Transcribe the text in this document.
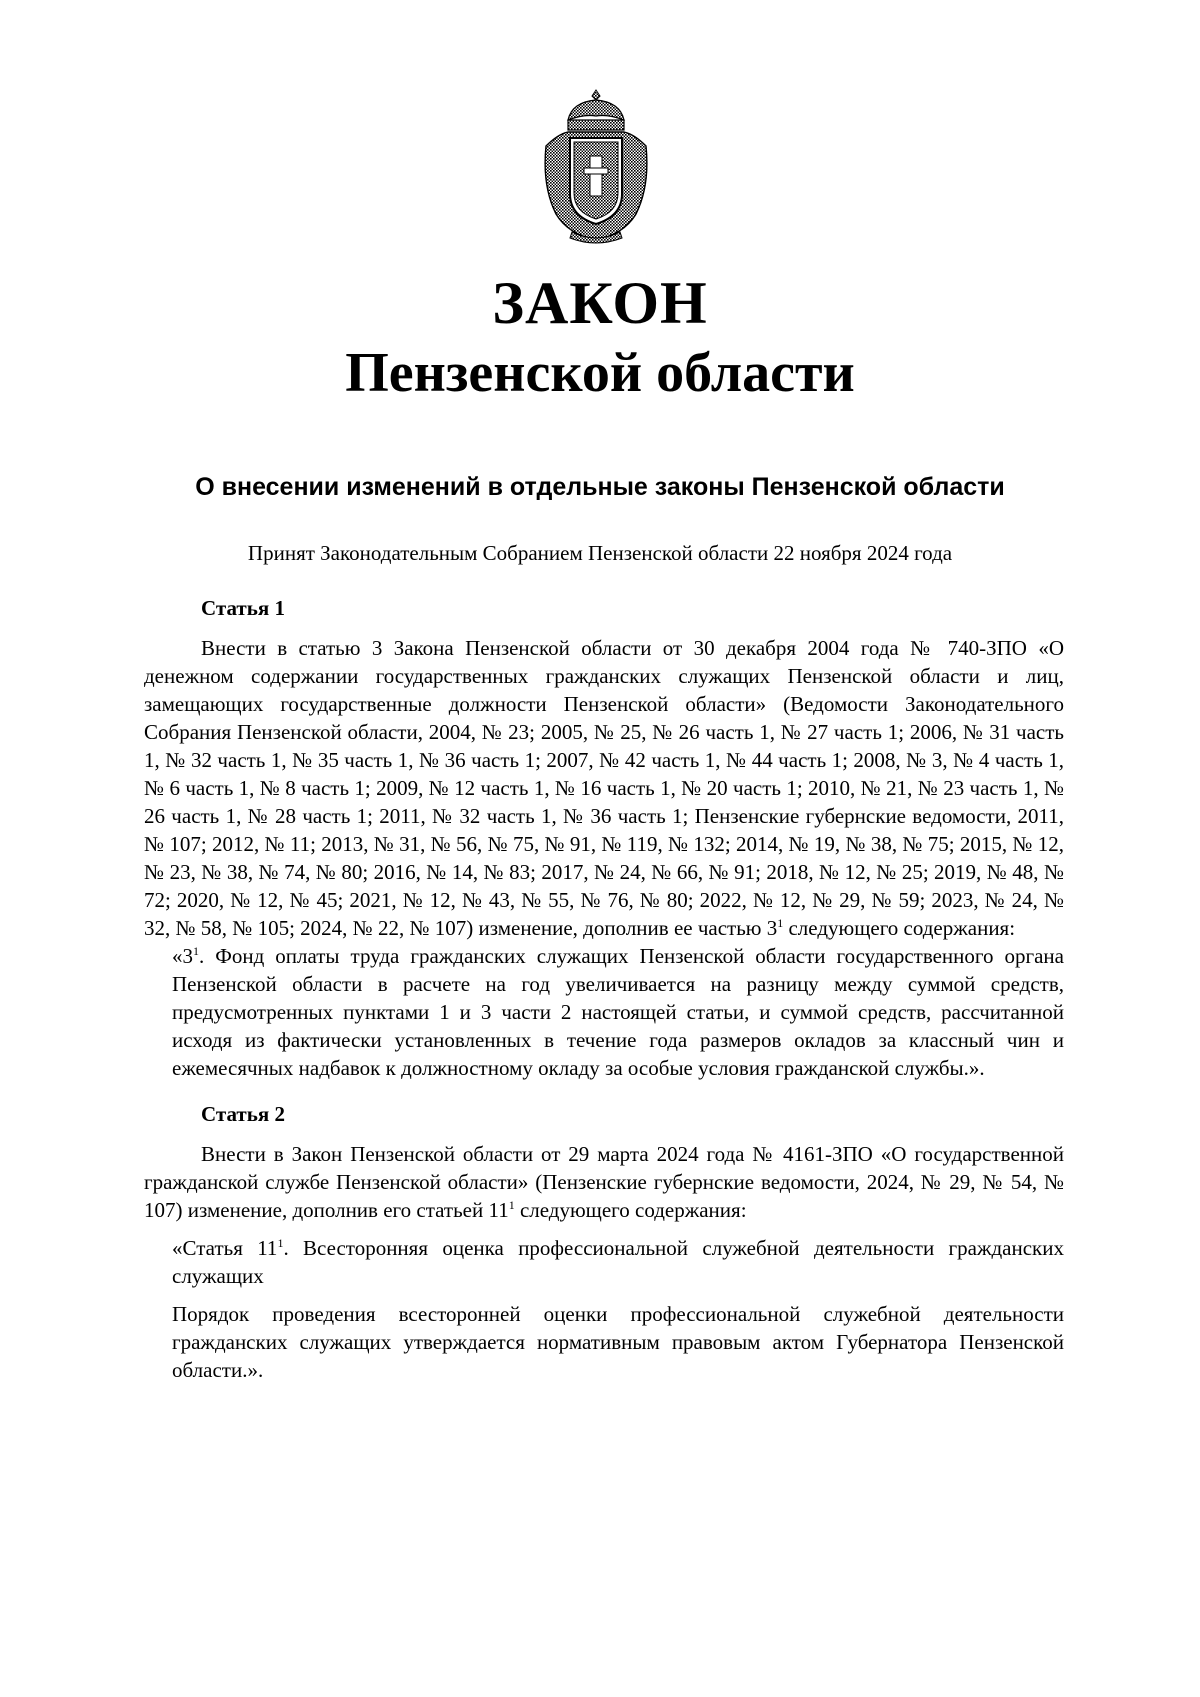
ЗАКОН
Пензенской области
О внесении изменений в отдельные законы Пензенской области
Принят Законодательным Собранием Пензенской области 22 ноября 2024 года
Статья 1

Внести в статью 3 Закона Пензенской области от 30 декабря 2004 года № 740-ЗПО «О денежном содержании государственных гражданских служащих Пензенской области и лиц, замещающих государственные должности Пензенской области» (Ведомости Законодательного Собрания Пензенской области, 2004, № 23; 2005, № 25, № 26 часть 1, № 27 часть 1; 2006, № 31 часть 1, № 32 часть 1, № 35 часть 1, № 36 часть 1; 2007, № 42 часть 1, № 44 часть 1; 2008, № 3, № 4 часть 1, № 6 часть 1, № 8 часть 1; 2009, № 12 часть 1, № 16 часть 1, № 20 часть 1; 2010, № 21, № 23 часть 1, № 26 часть 1, № 28 часть 1; 2011, № 32 часть 1, № 36 часть 1; Пензенские губернские ведомости, 2011, № 107; 2012, № 11; 2013, № 31, № 56, № 75, № 91, № 119, № 132; 2014, № 19, № 38, № 75; 2015, № 12, № 23, № 38, № 74, № 80; 2016, № 14, № 83; 2017, № 24, № 66, № 91; 2018, № 12, № 25; 2019, № 48, № 72; 2020, № 12, № 45; 2021, № 12, № 43, № 55, № 76, № 80; 2022, № 12, № 29, № 59; 2023, № 24, № 32, № 58, № 105; 2024, № 22, № 107) изменение, дополнив ее частью $3^1$ следующего содержания:

«$3^1$. Фонд оплаты труда гражданских служащих Пензенской области государственного органа Пензенской области в расчете на год увеличивается на разницу между суммой средств, предусмотренных пунктами 1 и 3 части 2 настоящей статьи, и суммой средств, рассчитанной исходя из фактически установленных в течение года размеров окладов за классный чин и ежемесячных надбавок к должностному окладу за особые условия гражданской службы.».

Статья 2

Внести в Закон Пензенской области от 29 марта 2024 года № 4161-ЗПО «О государственной гражданской службе Пензенской области» (Пензенские губернские ведомости, 2024, № 29, № 54, № 107) изменение, дополнив его статьей $11^1$ следующего содержания:

«Статья $11^1$. Всесторонняя оценка профессиональной служебной деятельности гражданских служащих

Порядок проведения всесторонней оценки профессиональной служебной деятельности гражданских служащих утверждается нормативным правовым актом Губернатора Пензенской области.».
